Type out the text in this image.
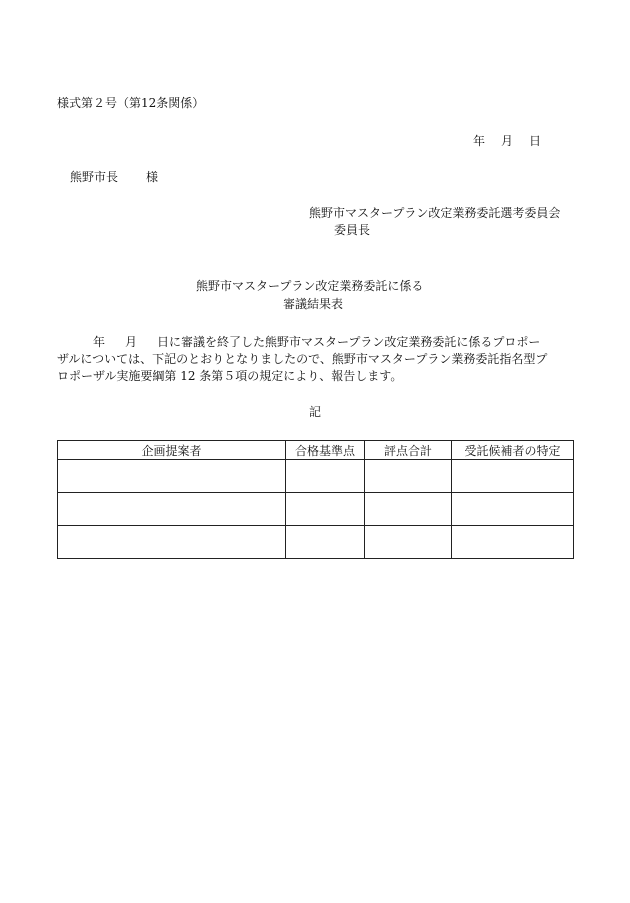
様式第２号（第12条関係）
年 月 日
熊野市長 様
熊野市マスタープラン改定業務委託選考委員会
委員長
熊野市マスタープラン改定業務委託に係る
審議結果表
年 月 日に審議を終了した熊野市マスタープラン改定業務委託に係るプロポー
ザルについては、下記のとおりとなりましたので、熊野市マスタープラン業務委託指名型プ
ロポーザル実施要綱第 12 条第５項の規定により、報告します。
記
企画提案者	合格基準点	評点合計	受託候補者の特定
